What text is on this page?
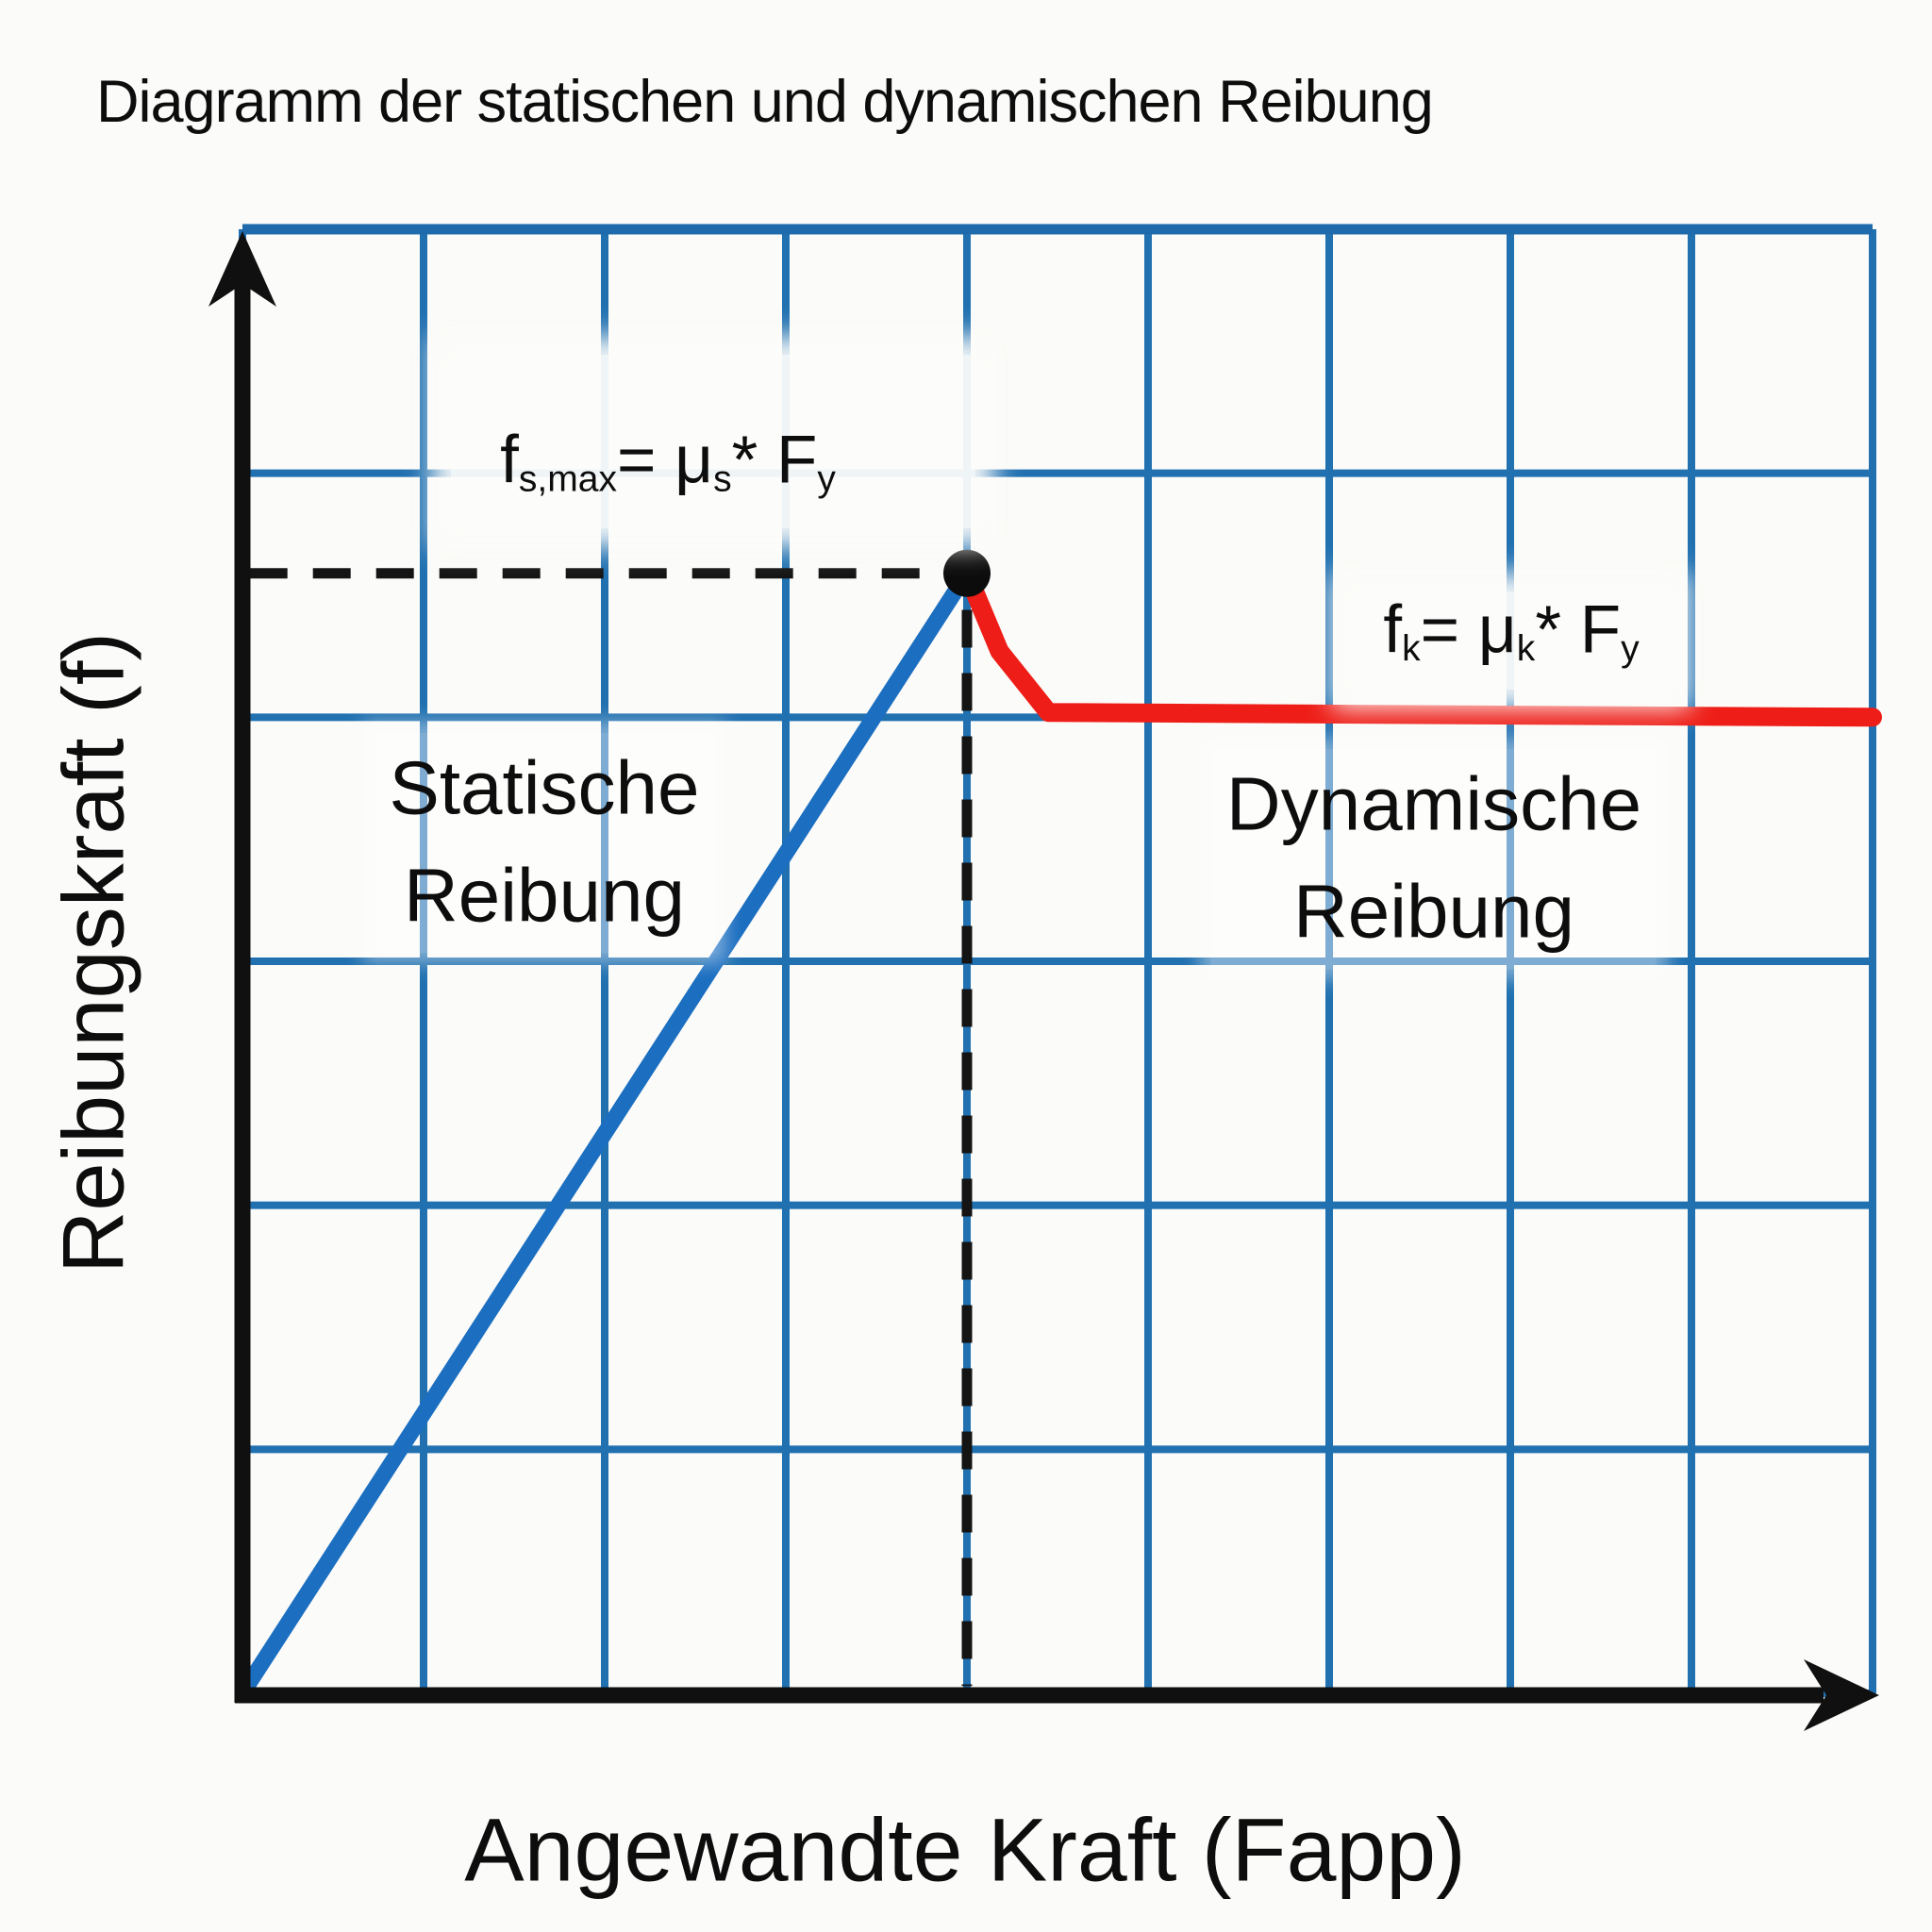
Diagramm der statischen und dynamischen Reibung
Reibungskraft (f)
Angewandte Kraft (Fapp)
$f_{s,max}= \mu_s*$ $F_y$
$f_k= \mu_k*$ $F_y$
Statische
Reibung
Dynamische
Reibung
